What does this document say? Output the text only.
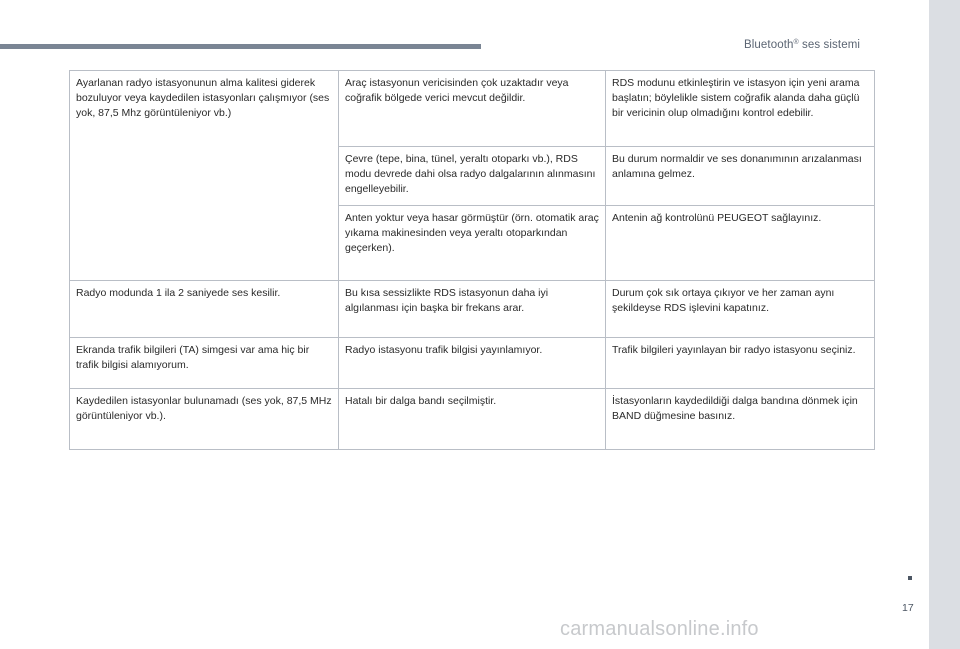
Bluetooth® ses sistemi
17
Ayarlanan radyo istasyonunun alma kalitesi giderek bozuluyor veya kaydedilen istasyonları çalışmıyor (ses yok, 87,5 Mhz görüntüleniyor vb.)	Araç istasyonun vericisinden çok uzaktadır veya coğrafik bölgede verici mevcut değildir.	RDS modunu etkinleştirin ve istasyon için yeni arama başlatın; böylelikle sistem coğrafik alanda daha güçlü bir vericinin olup olmadığını kontrol edebilir.
	Çevre (tepe, bina, tünel, yeraltı otoparkı vb.), RDS modu devrede dahi olsa radyo dalgalarının alınmasını engelleyebilir.	Bu durum normaldir ve ses donanımının arızalanması anlamına gelmez.
	Anten yoktur veya hasar görmüştür (örn. otomatik araç yıkama makinesinden veya yeraltı otoparkından geçerken).	Antenin ağ kontrolünü PEUGEOT sağlayınız.
Radyo modunda 1 ila 2 saniyede ses kesilir.	Bu kısa sessizlikte RDS istasyonun daha iyi algılanması için başka bir frekans arar.	Durum çok sık ortaya çıkıyor ve her zaman aynı şekildeyse RDS işlevini kapatınız.
Ekranda trafik bilgileri (TA) simgesi var ama hiç bir trafik bilgisi alamıyorum.	Radyo istasyonu trafik bilgisi yayınlamıyor.	Trafik bilgileri yayınlayan bir radyo istasyonu seçiniz.
Kaydedilen istasyonlar bulunamadı (ses yok, 87,5 MHz görüntüleniyor vb.).	Hatalı bir dalga bandı seçilmiştir.	İstasyonların kaydedildiği dalga bandına dönmek için BAND düğmesine basınız.
carmanualsonline.info
